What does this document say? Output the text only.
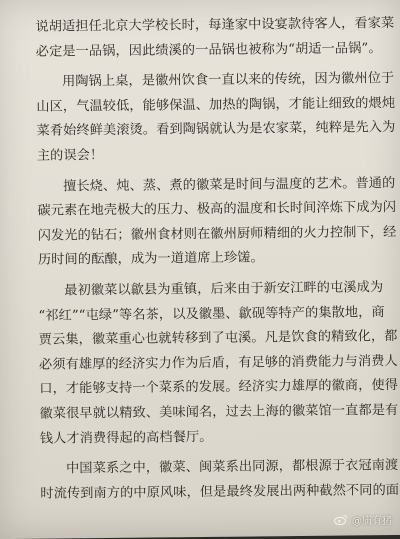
说胡适担任北京大学校长时，每逢家中设宴款待客人，看家菜
必定是一品锅，因此绩溪的一品锅也被称为“胡适一品锅”。

用陶锅上桌，是徽州饮食一直以来的传统，因为徽州位于
山区，气温较低，能够保温、加热的陶锅，才能让细致的煨炖
菜肴始终鲜美滚烫。看到陶锅就认为是农家菜，纯粹是先入为
主的误会！

擅长烧、炖、蒸、煮的徽菜是时间与温度的艺术。普通的
碳元素在地壳极大的压力、极高的温度和长时间淬炼下成为闪
闪发光的钻石；徽州食材则在徽州厨师精细的火力控制下，经
历时间的酝酿，成为一道道席上珍馐。

最初徽菜以歙县为重镇，后来由于新安江畔的屯溪成为
“祁红”“屯绿”等名茶，以及徽墨、歙砚等特产的集散地，商
贾云集，徽菜重心也就转移到了屯溪。凡是饮食的精致化，都
必须有雄厚的经济实力作为后盾，有足够的消费能力与消费人
口，才能够支持一个菜系的发展。经济实力雄厚的徽商，使得
徽菜很早就以精致、美味闻名，过去上海的徽菜馆一直都是有
钱人才消费得起的高档餐厅。

中国菜系之中，徽菜、闽菜系出同源，都根源于衣冠南渡
时流传到南方的中原风味，但是最终发展出两种截然不同的面

@庙有猪
